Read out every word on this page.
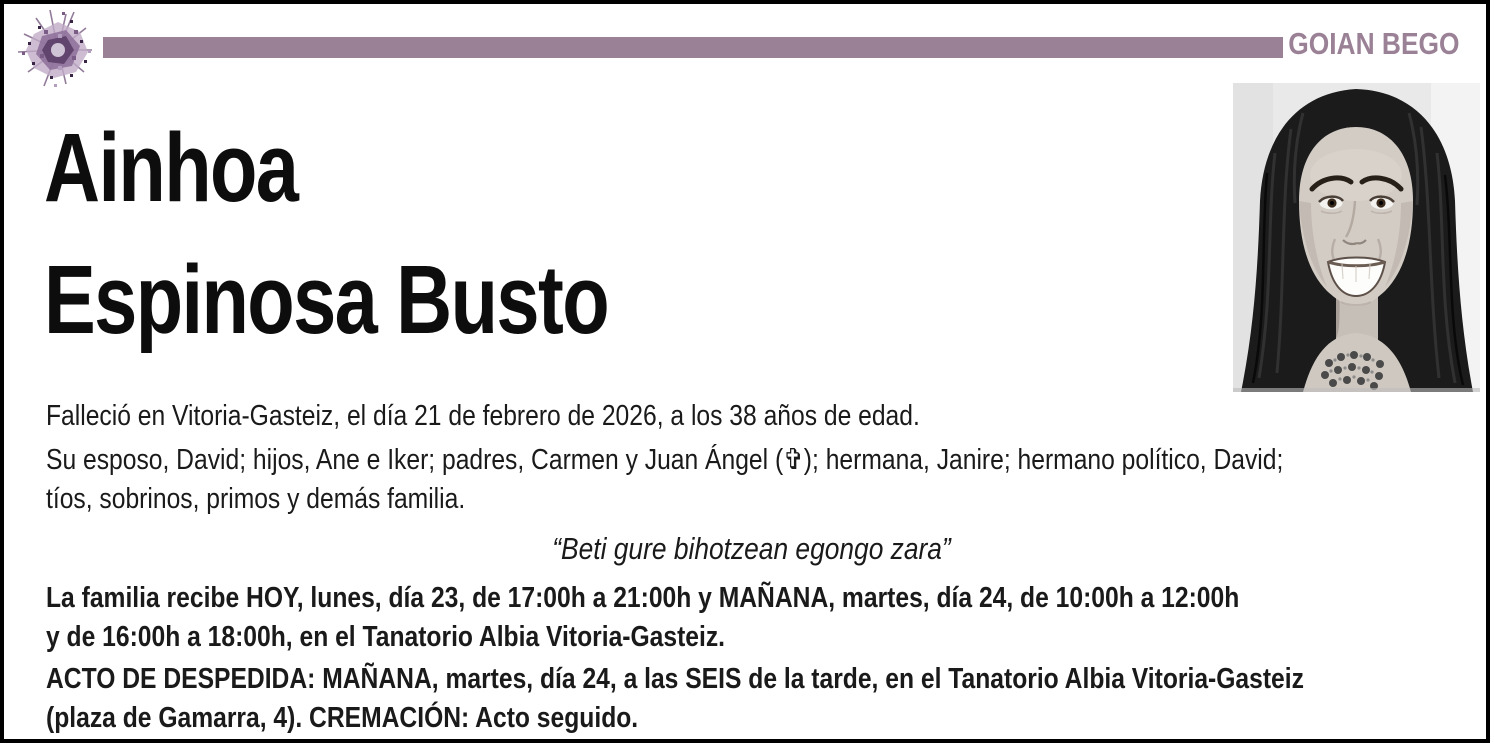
GOIAN BEGO
Ainhoa
Espinosa Busto
Falleció en Vitoria-Gasteiz, el día 21 de febrero de 2026, a los 38 años de edad.
Su esposo, David; hijos, Ane e Iker; padres, Carmen y Juan Ángel (✞); hermana, Janire; hermano político, David;
tíos, sobrinos, primos y demás familia.
“Beti gure bihotzean egongo zara”
La familia recibe HOY, lunes, día 23, de 17:00h a 21:00h y MAÑANA, martes, día 24, de 10:00h a 12:00h
y de 16:00h a 18:00h, en el Tanatorio Albia Vitoria-Gasteiz.
ACTO DE DESPEDIDA: MAÑANA, martes, día 24, a las SEIS de la tarde, en el Tanatorio Albia Vitoria-Gasteiz
(plaza de Gamarra, 4). CREMACIÓN: Acto seguido.
